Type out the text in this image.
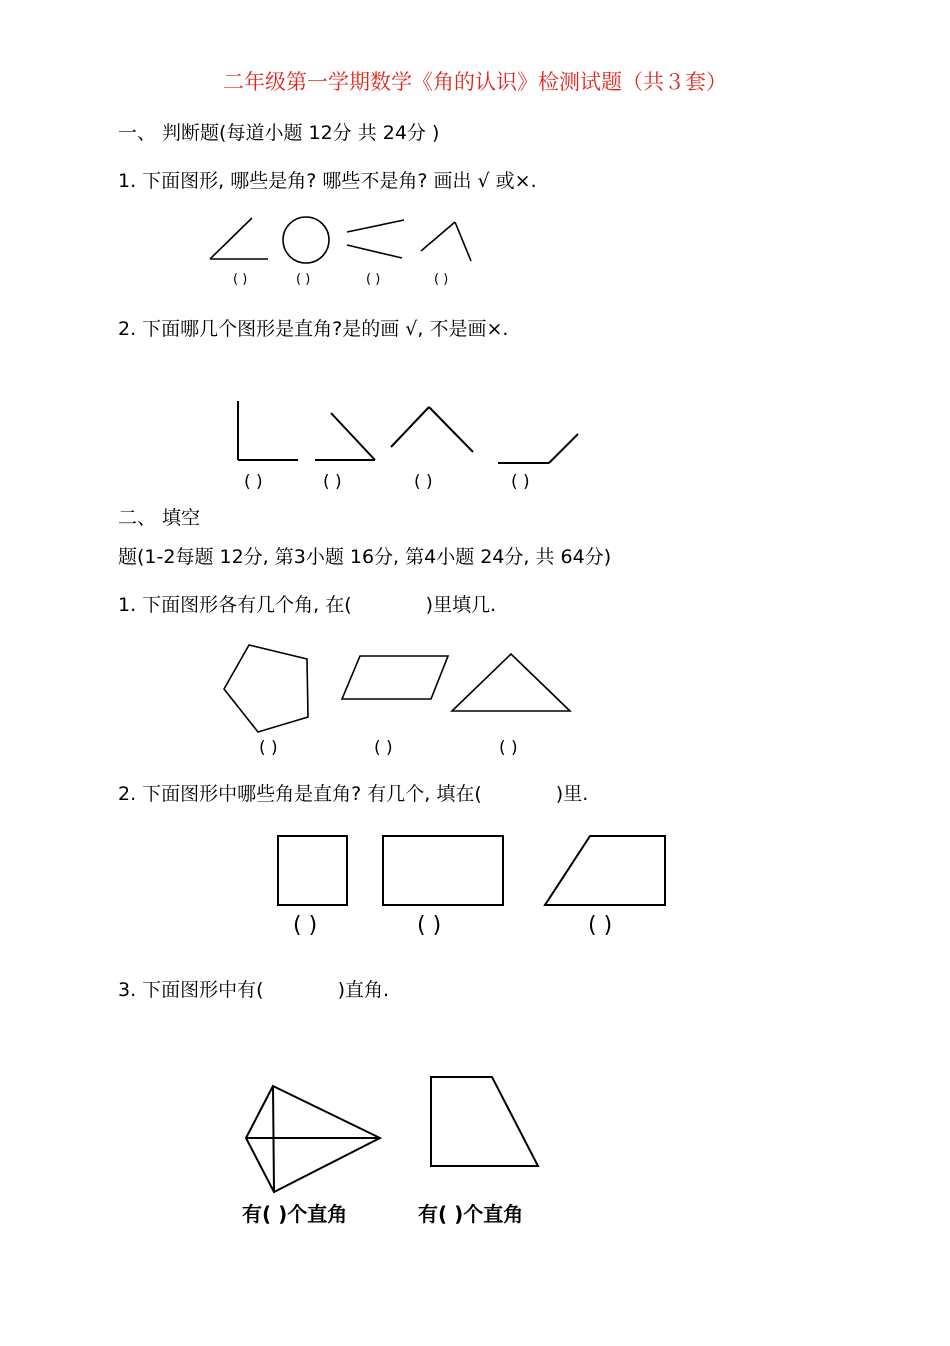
二年级第一学期数学《角的认识》检测试题（共３套）
一、 判断题(每道小题 12分 共 24分 )
1. 下面图形, 哪些是角? 哪些不是角? 画出 √ 或×.
( )	( )	( )	( )
2. 下面哪几个图形是直角?是的画 √, 不是画×.
( )	( )	( )	( )
二、 填空
题(1-2每题 12分, 第3小题 16分, 第4小题 24分, 共 64分)
1. 下面图形各有几个角, 在(	)里填几.
( )	( )	( )
2. 下面图形中哪些角是直角? 有几个, 填在(	)里.
( )	( )	( )
3. 下面图形中有(	)直角.
有( )个直角	有( )个直角
